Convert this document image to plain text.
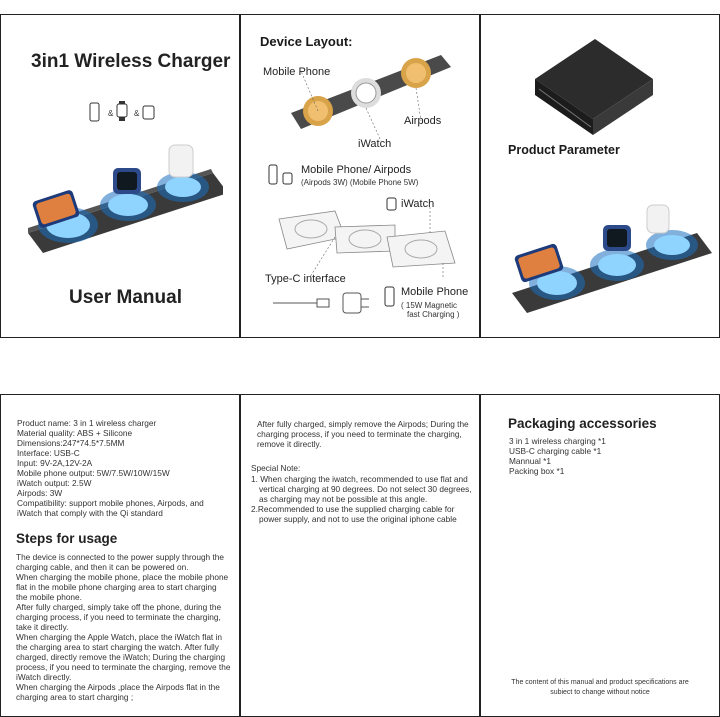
3in1 Wireless Charger
&	&
User Manual
Device Layout:
Mobile Phone
Airpods
iWatch
Mobile Phone/ Airpods
(Airpods 3W) (Mobile Phone 5W)
iWatch
Type-C interface
Mobile Phone
( 15W Magnetic
fast Charging )
Product Parameter
Product name: 3 in 1 wireless charger
Material quality: ABS + Silicone
Dimensions:247*74.5*7.5MM
Interface: USB-C
Input: 9V-2A,12V-2A
Mobile phone output: 5W/7.5W/10W/15W
iWatch output: 2.5W
Airpods: 3W
Compatibility: support mobile phones, Airpods, and
iWatch that comply with the Qi standard
Steps for usage
The device is connected to the power supply through the
charging cable, and then it can be powered on.
When charging the mobile phone, place the mobile phone
flat in the mobile phone charging area to start charging
the mobile phone.
After fully charged, simply take off the phone, during the
charging process, if you need to terminate the charging,
take it directly.
When charging the Apple Watch, place the iWatch flat in
the charging area to start charging the watch. After fully
charged, directly remove the iWatch; During the charging
process, if you need to terminate the charging, remove the
iWatch directly.
When charging the Airpods ,place the Airpods flat in the
charging area to start charging ;
After fully charged, simply remove the Airpods; During the
charging process, if you need to terminate the charging,
remove it directly.
Special Note:
1. When charging the iwatch, recommended to use flat and
vertical charging at 90 degrees. Do not select 30 degrees,
as charging may not be possible at this angle.
2.Recommended to use the supplied charging cable for
power supply, and not to use the original iphone cable
Packaging accessories
3 in 1 wireless charging *1
USB-C charging cable *1
Mannual *1
Packing box *1
The content of this manual and product specifications are
subiect to change without notice
